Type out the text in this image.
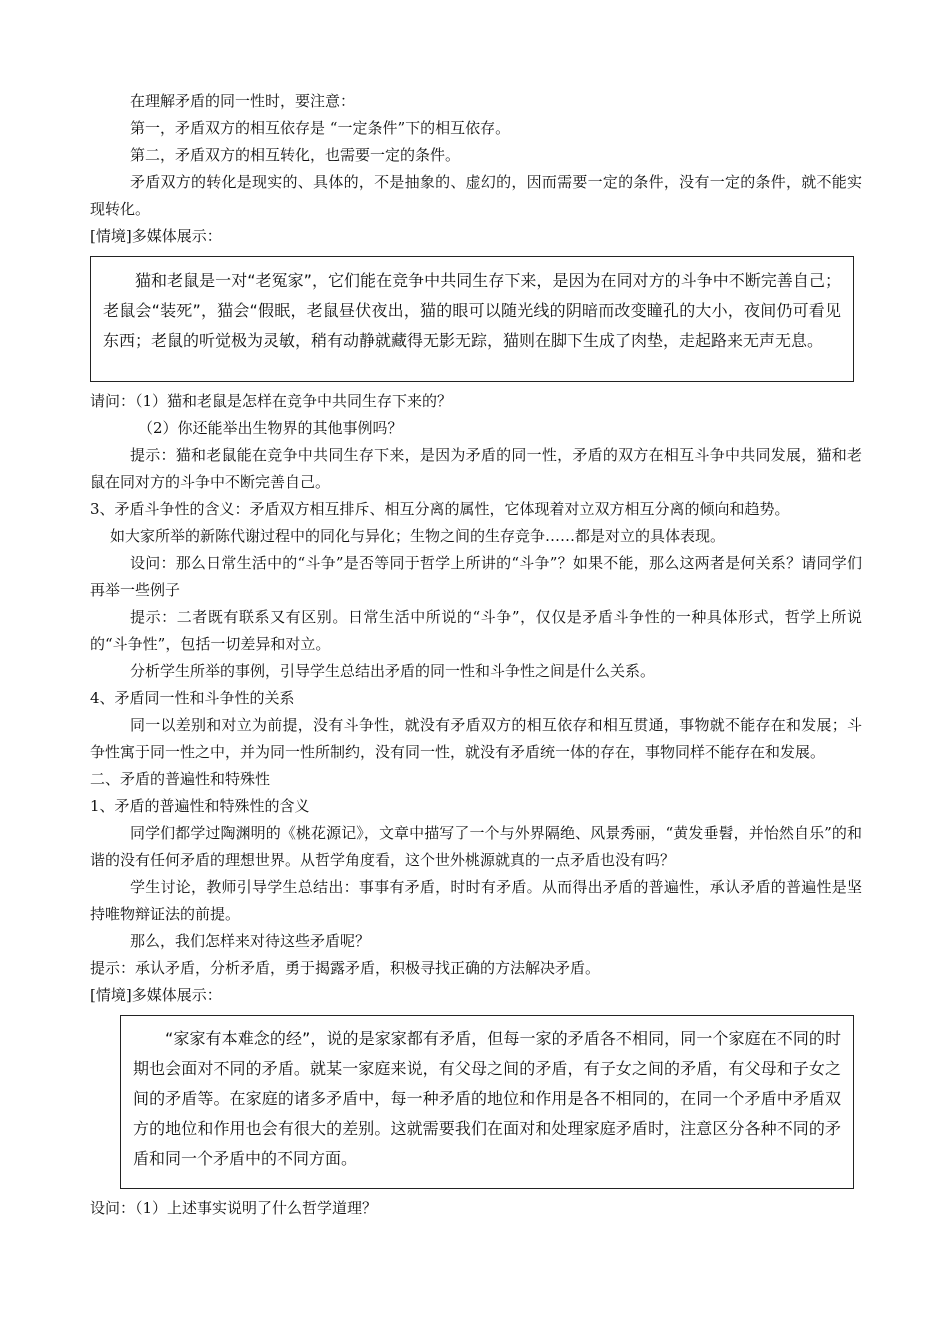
在理解矛盾的同一性时，要注意：

第一，矛盾双方的相互依存是 “一定条件”下的相互依存。

第二，矛盾双方的相互转化，也需要一定的条件。

矛盾双方的转化是现实的、具体的，不是抽象的、虚幻的，因而需要一定的条件，没有一定的条件，就不能实现转化。

[情境]多媒体展示：

猫和老鼠是一对“老冤家”，它们能在竞争中共同生存下来，是因为在同对方的斗争中不断完善自己；老鼠会“装死”，猫会“假眠，老鼠昼伏夜出，猫的眼可以随光线的阴暗而改变瞳孔的大小，夜间仍可看见东西；老鼠的听觉极为灵敏，稍有动静就藏得无影无踪，猫则在脚下生成了肉垫，走起路来无声无息。

请问：（1）猫和老鼠是怎样在竞争中共同生存下来的？

（2）你还能举出生物界的其他事例吗？

提示：猫和老鼠能在竞争中共同生存下来，是因为矛盾的同一性，矛盾的双方在相互斗争中共同发展，猫和老鼠在同对方的斗争中不断完善自己。

3、矛盾斗争性的含义：矛盾双方相互排斥、相互分离的属性，它体现着对立双方相互分离的倾向和趋势。

如大家所举的新陈代谢过程中的同化与异化；生物之间的生存竞争……都是对立的具体表现。

设问：那么日常生活中的“斗争”是否等同于哲学上所讲的“斗争”？如果不能，那么这两者是何关系？请同学们再举一些例子

提示：二者既有联系又有区别。日常生活中所说的“斗争”，仅仅是矛盾斗争性的一种具体形式，哲学上所说的“斗争性”，包括一切差异和对立。

分析学生所举的事例，引导学生总结出矛盾的同一性和斗争性之间是什么关系。

4、矛盾同一性和斗争性的关系

同一以差别和对立为前提，没有斗争性，就没有矛盾双方的相互依存和相互贯通，事物就不能存在和发展；斗争性寓于同一性之中，并为同一性所制约，没有同一性，就没有矛盾统一体的存在，事物同样不能存在和发展。

二、矛盾的普遍性和特殊性

1、矛盾的普遍性和特殊性的含义

同学们都学过陶渊明的《桃花源记》，文章中描写了一个与外界隔绝、风景秀丽，“黄发垂髫，并怡然自乐”的和谐的没有任何矛盾的理想世界。从哲学角度看，这个世外桃源就真的一点矛盾也没有吗？

学生讨论，教师引导学生总结出：事事有矛盾，时时有矛盾。从而得出矛盾的普遍性，承认矛盾的普遍性是坚持唯物辩证法的前提。

那么，我们怎样来对待这些矛盾呢？

提示：承认矛盾，分析矛盾，勇于揭露矛盾，积极寻找正确的方法解决矛盾。

[情境]多媒体展示：

“家家有本难念的经”，说的是家家都有矛盾，但每一家的矛盾各不相同，同一个家庭在不同的时期也会面对不同的矛盾。就某一家庭来说，有父母之间的矛盾，有子女之间的矛盾，有父母和子女之间的矛盾等。在家庭的诸多矛盾中，每一种矛盾的地位和作用是各不相同的，在同一个矛盾中矛盾双方的地位和作用也会有很大的差别。这就需要我们在面对和处理家庭矛盾时，注意区分各种不同的矛盾和同一个矛盾中的不同方面。

设问：（1）上述事实说明了什么哲学道理？
